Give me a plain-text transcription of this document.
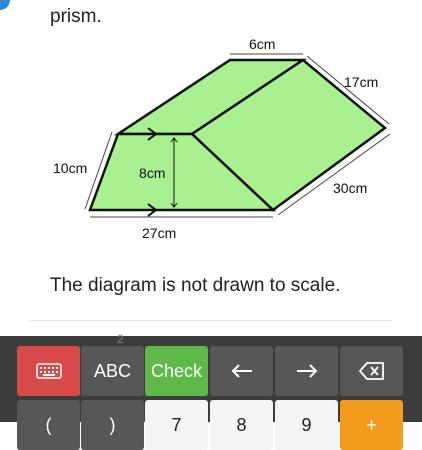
prism.
6cm
17cm
10cm	8cm
30cm
27cm
The diagram is not drawn to scale.
2
ABC	Check
(	)	7	8	9	+
